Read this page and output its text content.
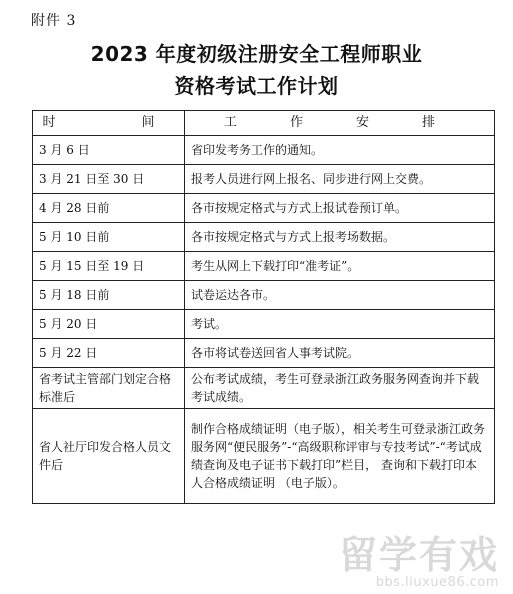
附件 3
2023 年度初级注册安全工程师职业
资格考试工作计划
时　　间	工　作　安　排
3 月 6 日	省印发考务工作的通知。
3 月 21 日至 30 日	报考人员进行网上报名、同步进行网上交费。
4 月 28 日前	各市按规定格式与方式上报试卷预订单。
5 月 10 日前	各市按规定格式与方式上报考场数据。
5 月 15 日至 19 日	考生从网上下载打印“准考证”。
5 月 18 日前	试卷运达各市。
5 月 20 日	考试。
5 月 22 日	各市将试卷送回省人事考试院。
省考试主管部门划定合格标准后	公布考试成绩，考生可登录浙江政务服务网查询并下载考试成绩。
省人社厅印发合格人员文件后	制作合格成绩证明（电子版），相关考生可登录浙江政务服务网“便民服务”-“高级职称评审与专技考试”-“考试成绩查询及电子证书下载打印”栏目， 查询和下载打印本人合格成绩证明 （电子版）。
留学有戏
bbs.liuxue86.com
